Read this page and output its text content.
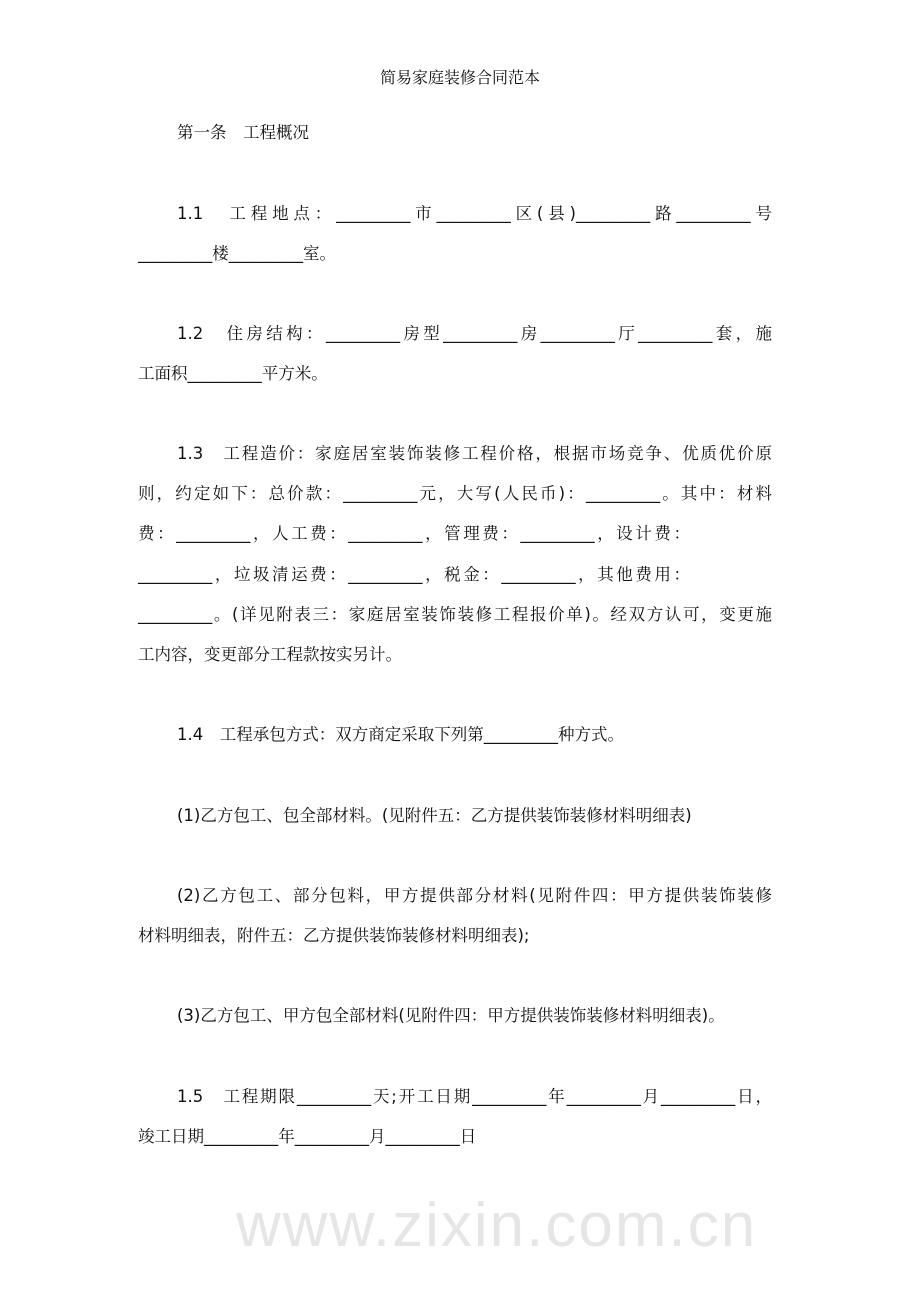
简易家庭装修合同范本
第一条　工程概况
1.1　工程地点：_________市_________区(县)_________路_________号
_________楼_________室。
1.2　住房结构：_________房型_________房_________厅_________套，施
工面积_________平方米。
1.3　工程造价：家庭居室装饰装修工程价格，根据市场竞争、优质优价原
则，约定如下：总价款：_________元，大写(人民币)：_________。其中：材料
费：_________，人工费：_________，管理费：_________，设计费：
_________，垃圾清运费：_________，税金：_________，其他费用：
_________。(详见附表三：家庭居室装饰装修工程报价单)。经双方认可，变更施
工内容，变更部分工程款按实另计。
1.4　工程承包方式：双方商定采取下列第_________种方式。
(1)乙方包工、包全部材料。(见附件五：乙方提供装饰装修材料明细表)
(2)乙方包工、部分包料，甲方提供部分材料(见附件四：甲方提供装饰装修
材料明细表，附件五：乙方提供装饰装修材料明细表);
(3)乙方包工、甲方包全部材料(见附件四：甲方提供装饰装修材料明细表)。
1.5　工程期限_________天;开工日期_________年_________月_________日，
竣工日期_________年_________月_________日
www.zixin.com.cn
